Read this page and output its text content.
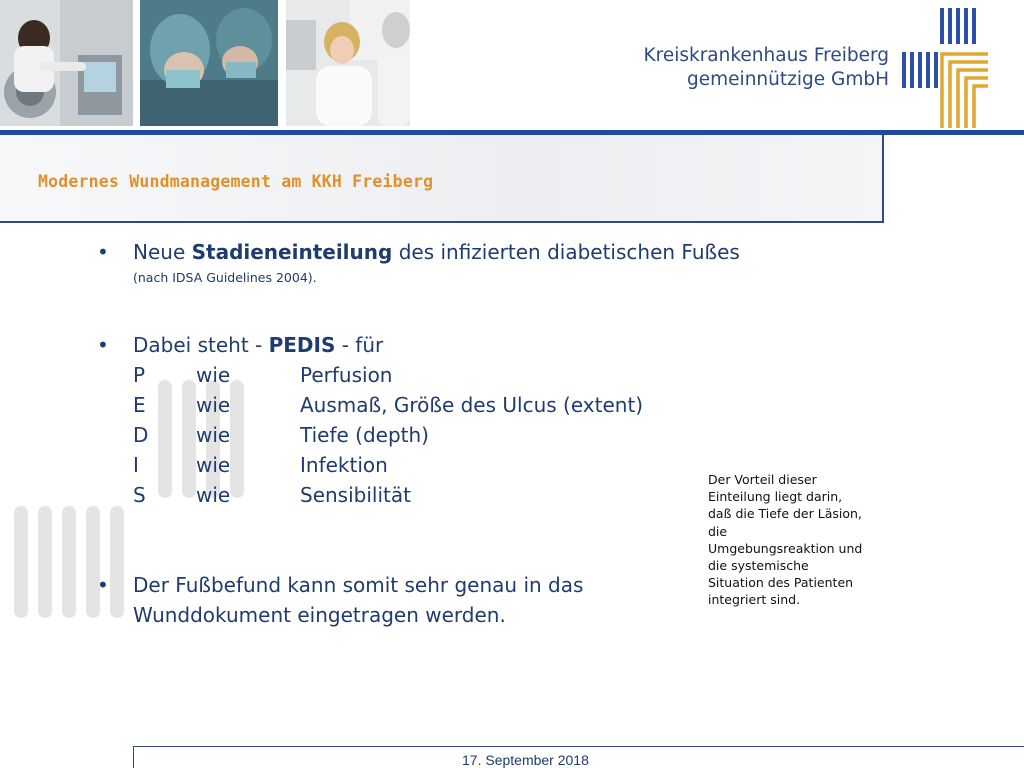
Kreiskrankenhaus Freiberg
gemeinnützige GmbH
Modernes Wundmanagement am KKH Freiberg
• Neue Stadieneinteilung des infizierten diabetischen Fußes
(nach IDSA Guidelines 2004).
• Dabei steht - PEDIS - für
P	wie	Perfusion
E	wie	Ausmaß, Größe des Ulcus (extent)
D wie	Tiefe (depth)
I	wie	Infektion
S	wie	Sensibilität
• Der Fußbefund kann somit sehr genau in das
Wunddokument eingetragen werden.
Der Vorteil dieser
Einteilung liegt darin,
daß die Tiefe der Läsion,
die
Umgebungsreaktion und
die systemische
Situation des Patienten
integriert sind.
17. September 2018
